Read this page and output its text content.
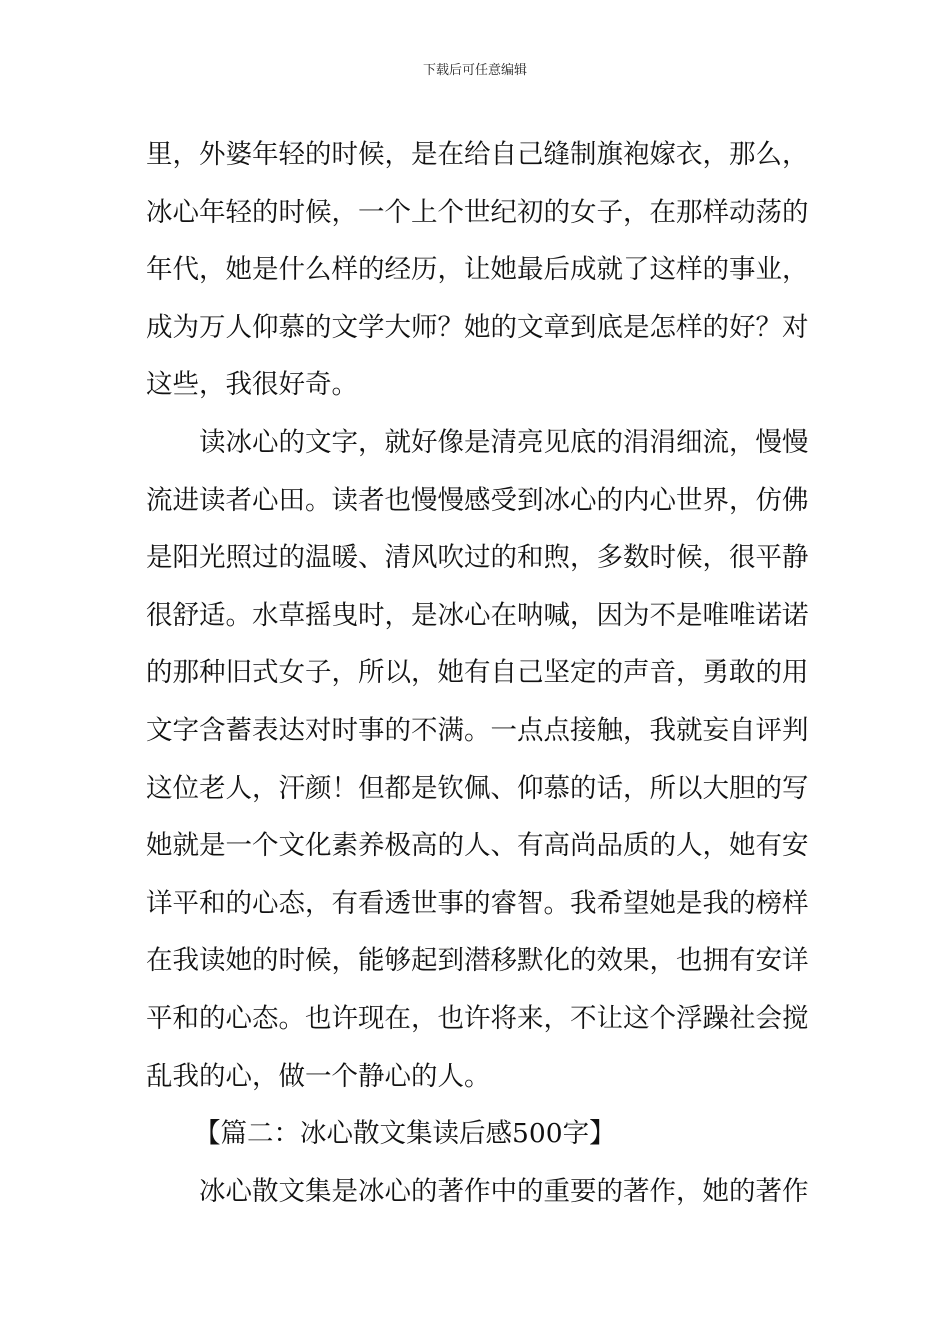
下载后可任意编辑
里，外婆年轻的时候，是在给自己缝制旗袍嫁衣，那么，
冰心年轻的时候，一个上个世纪初的女子，在那样动荡的
年代，她是什么样的经历，让她最后成就了这样的事业，
成为万人仰慕的文学大师？她的文章到底是怎样的好？对
这些，我很好奇。
读冰心的文字，就好像是清亮见底的涓涓细流，慢慢
流进读者心田。读者也慢慢感受到冰心的内心世界，仿佛
是阳光照过的温暖、清风吹过的和煦，多数时候，很平静
很舒适。水草摇曳时，是冰心在呐喊，因为不是唯唯诺诺
的那种旧式女子，所以，她有自己坚定的声音，勇敢的用
文字含蓄表达对时事的不满。一点点接触，我就妄自评判
这位老人，汗颜！但都是钦佩、仰慕的话，所以大胆的写
她就是一个文化素养极高的人、有高尚品质的人，她有安
详平和的心态，有看透世事的睿智。我希望她是我的榜样
在我读她的时候，能够起到潜移默化的效果，也拥有安详
平和的心态。也许现在，也许将来，不让这个浮躁社会搅
乱我的心，做一个静心的人。
【篇二：冰心散文集读后感500字】
冰心散文集是冰心的著作中的重要的著作，她的著作
